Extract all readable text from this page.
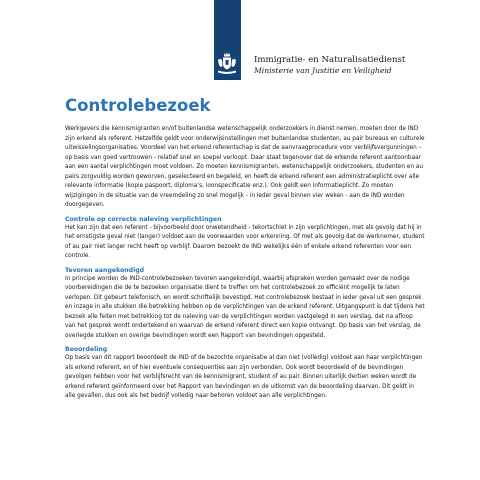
Immigratie- en Naturalisatiedienst
Ministerie van Justitie en Veiligheid
Controlebezoek

Werkgevers die kennismigranten en/of buitenlandse wetenschappelijk onderzoekers in dienst nemen, moeten door de IND zijn erkend als referent. Hetzelfde geldt voor onderwijsinstellingen met buitenlandse studenten, au pair bureaus en culturele uitwisselingsorganisaties. Voordeel van het erkend referentschap is dat de aanvraagprocedure voor verblijfsvergunningen – op basis van goed vertrouwen - relatief snel en soepel verloopt. Daar staat tegenover dat de erkende referent aantoonbaar aan een aantal verplichtingen moet voldoen. Zo moeten kennismigranten, wetenschappelijk onderzoekers, studenten en au pairs zorgvuldig worden geworven, geselecteerd en begeleid, en heeft de erkend referent een administratieplicht over alle relevante informatie (kopie paspoort, diploma’s, loonspecificatie enz.). Ook geldt een informatieplicht. Zo moeten wijzigingen in de situatie van de vreemdeling zo snel mogelijk - in ieder geval binnen vier weken - aan de IND worden doorgegeven.

Controle op correcte naleving verplichtingen

Het kan zijn dat een referent - bijvoorbeeld door onwetendheid - tekortschiet in zijn verplichtingen, met als gevolg dat hij in het ernstigste geval niet (langer) voldoet aan de voorwaarden voor erkenning. Of met als gevolg dat de werknemer, student of au pair niet langer recht heeft op verblijf. Daarom bezoekt de IND wekelijks één of enkele erkend referenten voor een controle.

Tevoren aangekondigd

In principe worden de IND-controlebezoeken tevoren aangekondigd, waarbij afspraken worden gemaakt over de nodige voorbereidingen die de te bezoeken organisatie dient te treffen om het controlebezoek zo efficiënt mogelijk te laten verlopen. Dit gebeurt telefonisch, en wordt schriftelijk bevestigd. Het controlebezoek bestaat in ieder geval uit een gesprek en inzage in alle stukken die betrekking hebben op de verplichtingen van de erkend referent. Uitgangspunt is dat tijdens het bezoek alle feiten met betrekking tot de naleving van de verplichtingen worden vastgelegd in een verslag, dat na afloop van het gesprek wordt ondertekend en waarvan de erkend referent direct een kopie ontvangt. Op basis van het verslag, de overlegde stukken en overige bevindingen wordt een Rapport van bevindingen opgesteld.

Beoordeling

Op basis van dit rapport beoordeelt de IND of de bezochte organisatie al dan niet (volledig) voldoet aan haar verplichtingen als erkend referent, en of hier eventuele consequenties aan zijn verbonden. Ook wordt beoordeeld of de bevindingen gevolgen hebben voor het verblijfsrecht van de kennismigrant, student of au pair. Binnen uiterlijk dertien weken wordt de erkend referent geïnformeerd over het Rapport van bevindingen en de uitkomst van de beoordeling daarvan. Dit geldt in alle gevallen, dus ook als het bedrijf volledig naar behoren voldoet aan alle verplichtingen.
